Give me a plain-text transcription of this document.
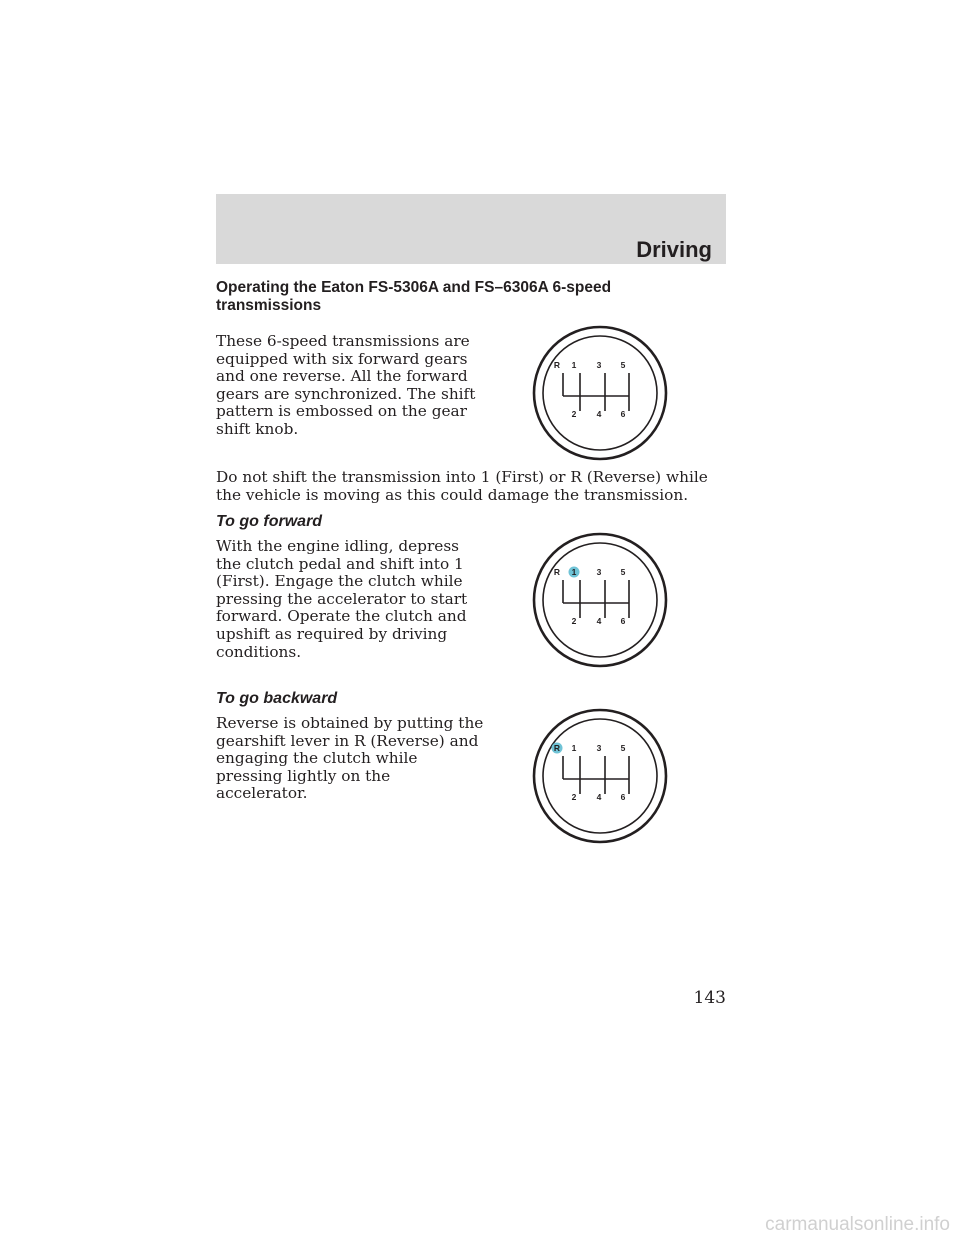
Driving
Operating the Eaton FS-5306A and FS–6306A 6-speed transmissions
These 6-speed transmissions are equipped with six forward gears and one reverse. All the forward gears are synchronized. The shift pattern is embossed on the gear shift knob.
R 1 3 5
2 4 6
Do not shift the transmission into 1 (First) or R (Reverse) while the vehicle is moving as this could damage the transmission.
To go forward
With the engine idling, depress the clutch pedal and shift into 1 (First). Engage the clutch while pressing the accelerator to start forward. Operate the clutch and upshift as required by driving conditions.
R 1 3 5
2 4 6
To go backward
Reverse is obtained by putting the gearshift lever in R (Reverse) and engaging the clutch while pressing lightly on the accelerator.
R 1 3 5
2 4 6
143
carmanualsonline.info
